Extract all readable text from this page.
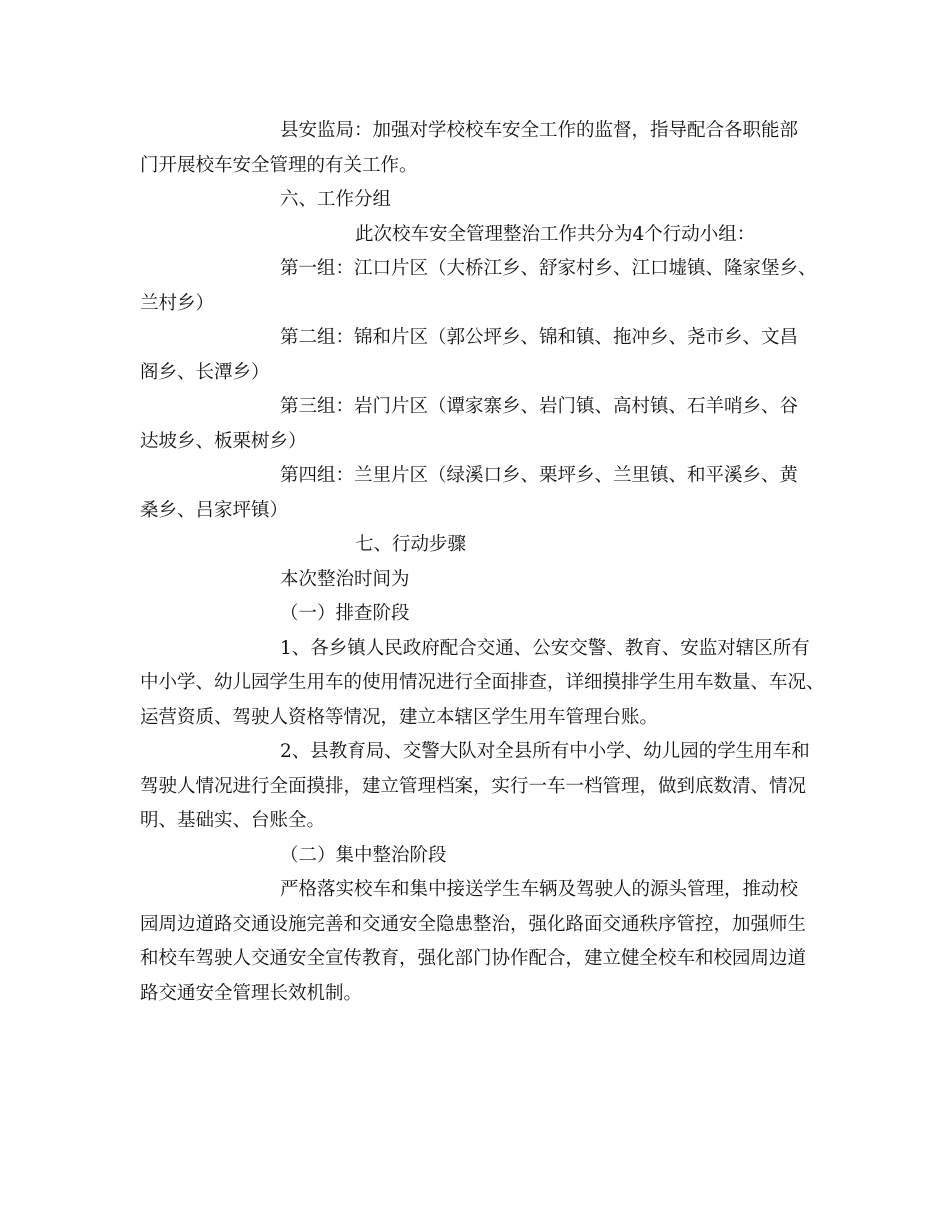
县安监局：加强对学校校车安全工作的监督，指导配合各职能部
门开展校车安全管理的有关工作。
六、工作分组
此次校车安全管理整治工作共分为4个行动小组：
第一组：江口片区（大桥江乡、舒家村乡、江口墟镇、隆家堡乡、
兰村乡）
第二组：锦和片区（郭公坪乡、锦和镇、拖冲乡、尧市乡、文昌
阁乡、长潭乡）
第三组：岩门片区（谭家寨乡、岩门镇、高村镇、石羊哨乡、谷
达坡乡、板栗树乡）
第四组：兰里片区（绿溪口乡、栗坪乡、兰里镇、和平溪乡、黄
桑乡、吕家坪镇）
七、行动步骤
本次整治时间为
（一）排查阶段
1、各乡镇人民政府配合交通、公安交警、教育、安监对辖区所有
中小学、幼儿园学生用车的使用情况进行全面排查，详细摸排学生用车数量、车况、
运营资质、驾驶人资格等情况，建立本辖区学生用车管理台账。
2、县教育局、交警大队对全县所有中小学、幼儿园的学生用车和
驾驶人情况进行全面摸排，建立管理档案，实行一车一档管理，做到底数清、情况
明、基础实、台账全。
（二）集中整治阶段
严格落实校车和集中接送学生车辆及驾驶人的源头管理，推动校
园周边道路交通设施完善和交通安全隐患整治，强化路面交通秩序管控，加强师生
和校车驾驶人交通安全宣传教育，强化部门协作配合，建立健全校车和校园周边道
路交通安全管理长效机制。
